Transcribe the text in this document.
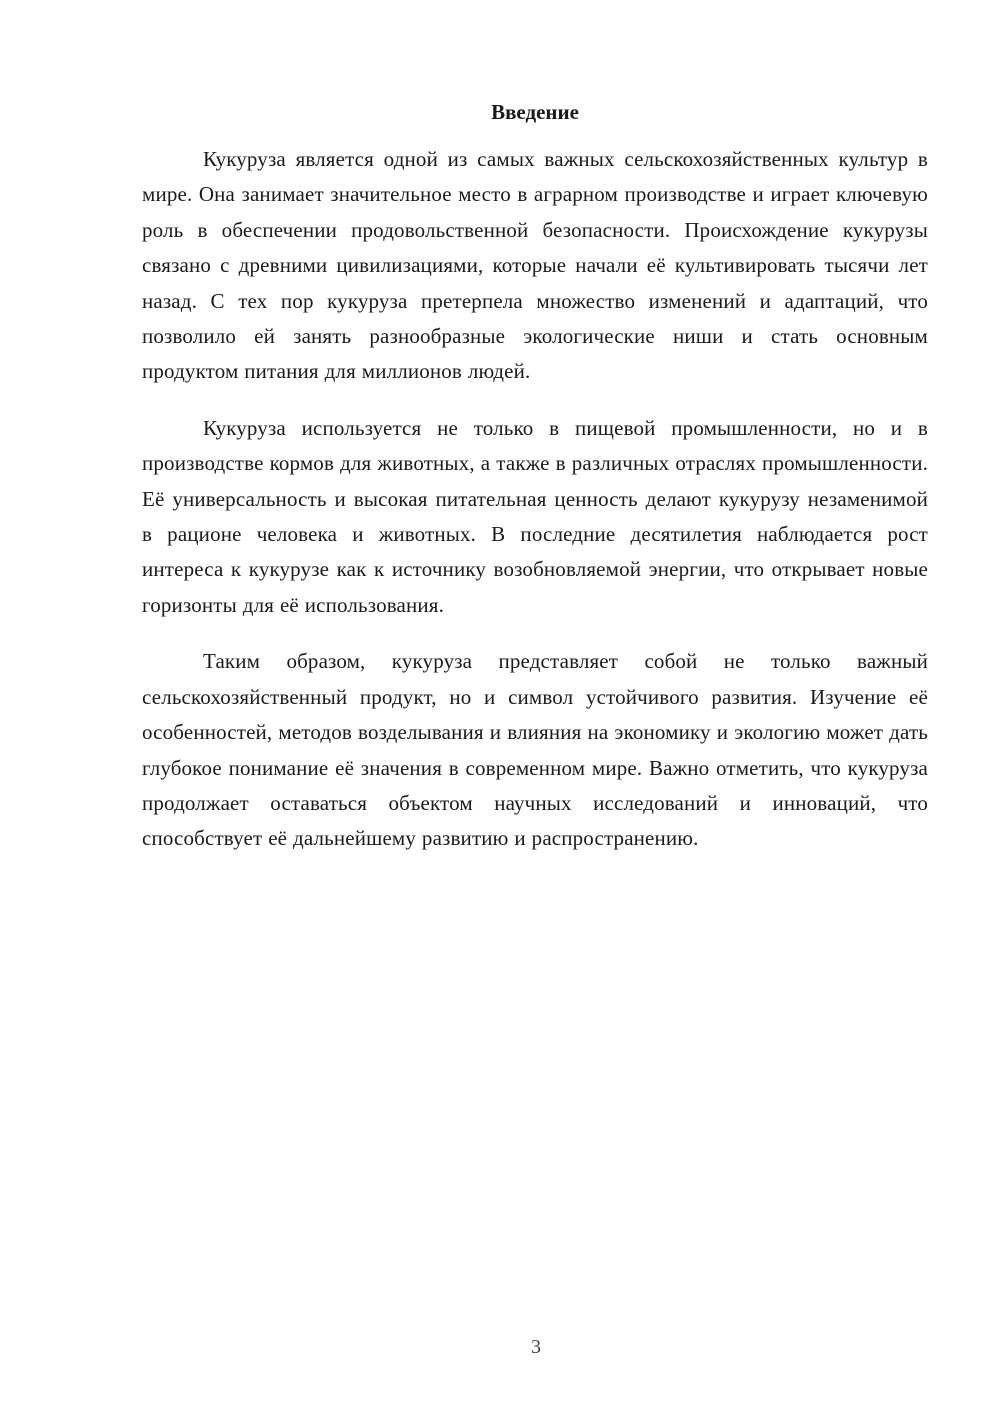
Введение

Кукуруза является одной из самых важных сельскохозяйственных культур в мире. Она занимает значительное место в аграрном производстве и играет ключевую роль в обеспечении продовольственной безопасности. Происхождение кукурузы связано с древними цивилизациями, которые начали её культивировать тысячи лет назад. С тех пор кукуруза претерпела множество изменений и адаптаций, что позволило ей занять разнообразные экологические ниши и стать основным продуктом питания для миллионов людей.

Кукуруза используется не только в пищевой промышленности, но и в производстве кормов для животных, а также в различных отраслях промышленности. Её универсальность и высокая питательная ценность делают кукурузу незаменимой в рационе человека и животных. В последние десятилетия наблюдается рост интереса к кукурузе как к источнику возобновляемой энергии, что открывает новые горизонты для её использования.

Таким образом, кукуруза представляет собой не только важный сельскохозяйственный продукт, но и символ устойчивого развития. Изучение её особенностей, методов возделывания и влияния на экономику и экологию может дать глубокое понимание её значения в современном мире. Важно отметить, что кукуруза продолжает оставаться объектом научных исследований и инноваций, что способствует её дальнейшему развитию и распространению.

3
